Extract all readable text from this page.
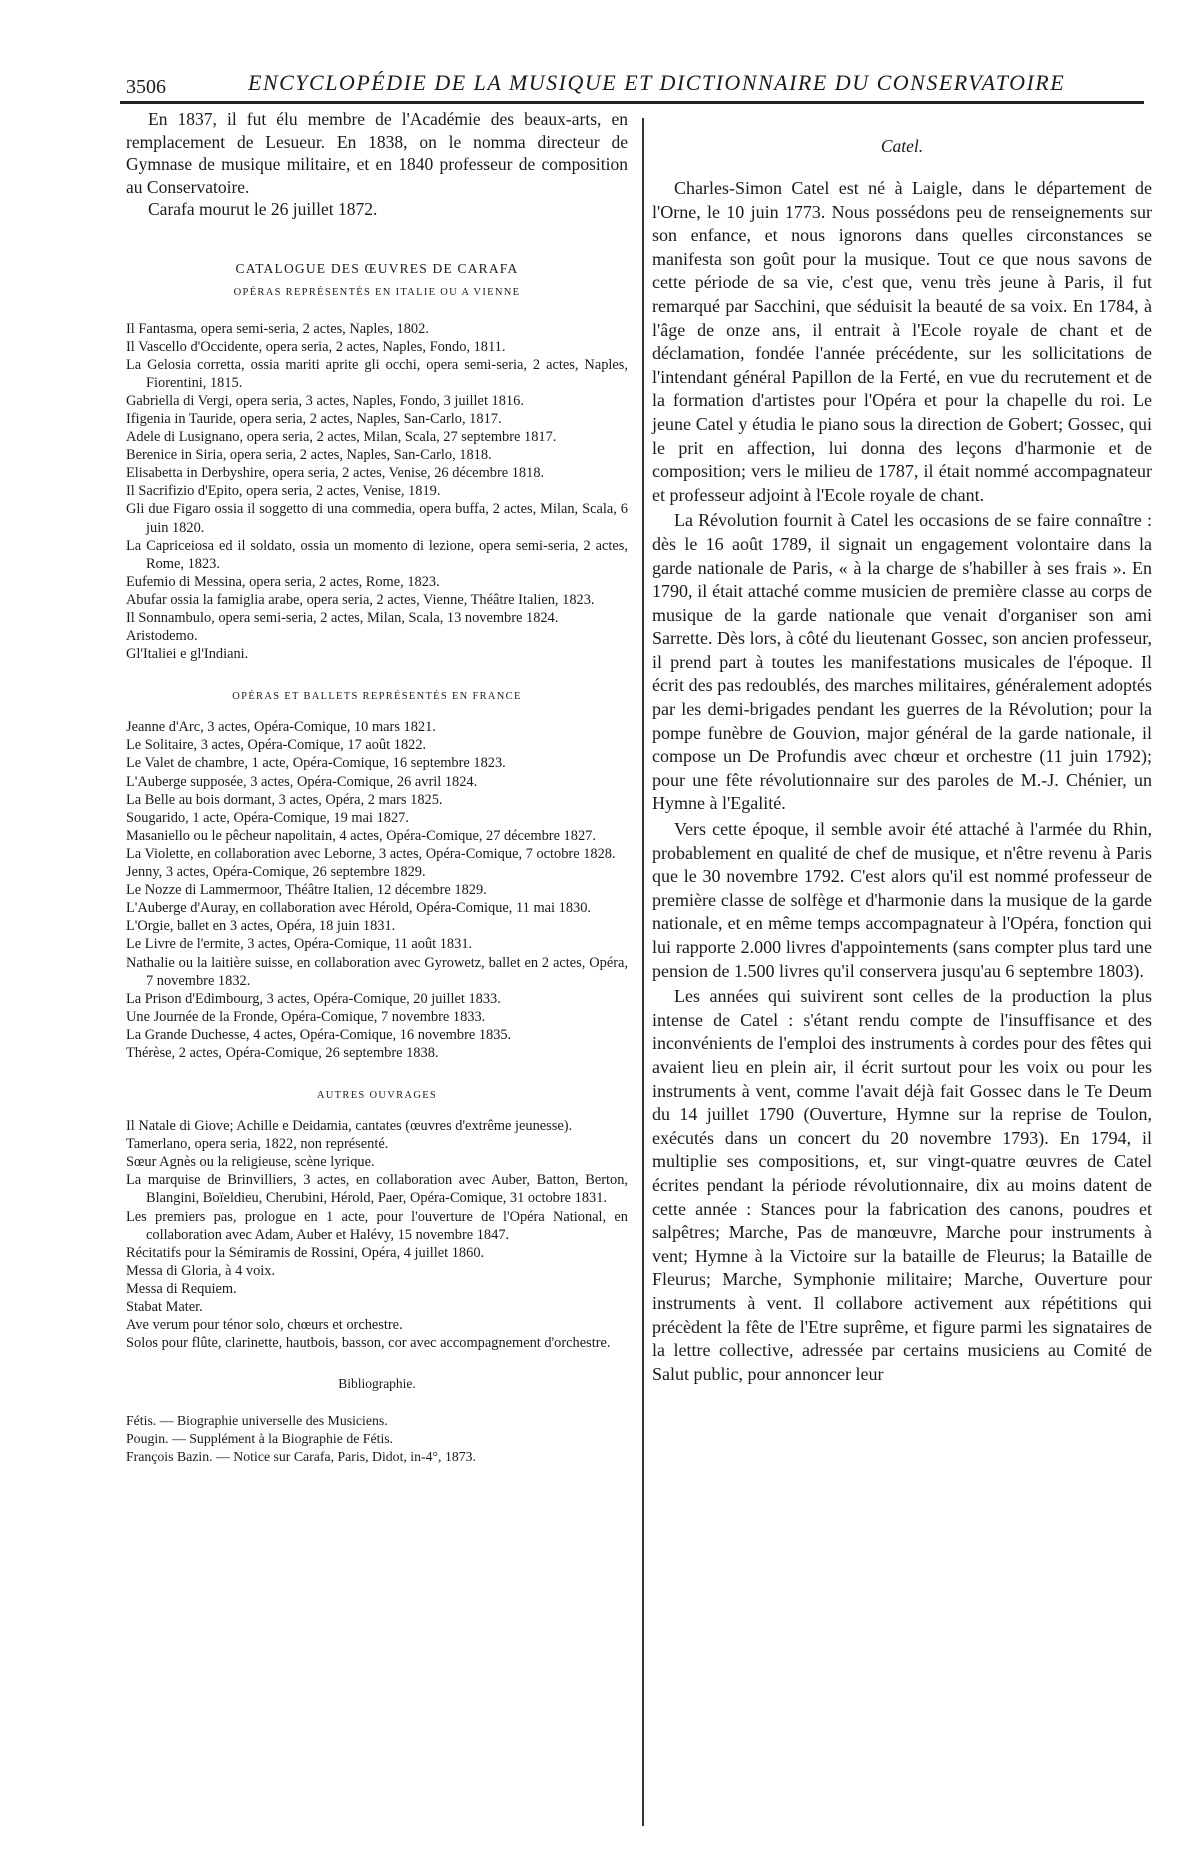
3506	ENCYCLOPÉDIE DE LA MUSIQUE ET DICTIONNAIRE DU CONSERVATOIRE

En 1837, il fut élu membre de l'Académie des beaux-arts, en remplacement de Lesueur. En 1838, on le nomma directeur de Gymnase de musique militaire, et en 1840 professeur de composition au Conservatoire.

Carafa mourut le 26 juillet 1872.

CATALOGUE DES ŒUVRES DE CARAFA
OPÉRAS REPRÉSENTÉS EN ITALIE OU A VIENNE

Il Fantasma, opera semi-seria, 2 actes, Naples, 1802.

Il Vascello d'Occidente, opera seria, 2 actes, Naples, Fondo, 1811.

La Gelosia corretta, ossia mariti aprite gli occhi, opera semi-seria, 2 actes, Naples, Fiorentini, 1815.

Gabriella di Vergi, opera seria, 3 actes, Naples, Fondo, 3 juillet 1816.

Ifigenia in Tauride, opera seria, 2 actes, Naples, San-Carlo, 1817.

Adele di Lusignano, opera seria, 2 actes, Milan, Scala, 27 septembre 1817.

Berenice in Siria, opera seria, 2 actes, Naples, San-Carlo, 1818.

Elisabetta in Derbyshire, opera seria, 2 actes, Venise, 26 décembre 1818.

Il Sacrifizio d'Epito, opera seria, 2 actes, Venise, 1819.

Gli due Figaro ossia il soggetto di una commedia, opera buffa, 2 actes, Milan, Scala, 6 juin 1820.

La Capriceiosa ed il soldato, ossia un momento di lezione, opera semi-seria, 2 actes, Rome, 1823.

Eufemio di Messina, opera seria, 2 actes, Rome, 1823.

Abufar ossia la famiglia arabe, opera seria, 2 actes, Vienne, Théâtre Italien, 1823.

Il Sonnambulo, opera semi-seria, 2 actes, Milan, Scala, 13 novembre 1824.

Aristodemo.

Gl'Italiei e gl'Indiani.

OPÉRAS ET BALLETS REPRÉSENTÉS EN FRANCE

Jeanne d'Arc, 3 actes, Opéra-Comique, 10 mars 1821.

Le Solitaire, 3 actes, Opéra-Comique, 17 août 1822.

Le Valet de chambre, 1 acte, Opéra-Comique, 16 septembre 1823.

L'Auberge supposée, 3 actes, Opéra-Comique, 26 avril 1824.

La Belle au bois dormant, 3 actes, Opéra, 2 mars 1825.

Sougarido, 1 acte, Opéra-Comique, 19 mai 1827.

Masaniello ou le pêcheur napolitain, 4 actes, Opéra-Comique, 27 décembre 1827.

La Violette, en collaboration avec Leborne, 3 actes, Opéra-Comique, 7 octobre 1828.

Jenny, 3 actes, Opéra-Comique, 26 septembre 1829.

Le Nozze di Lammermoor, Théâtre Italien, 12 décembre 1829.

L'Auberge d'Auray, en collaboration avec Hérold, Opéra-Comique, 11 mai 1830.

L'Orgie, ballet en 3 actes, Opéra, 18 juin 1831.

Le Livre de l'ermite, 3 actes, Opéra-Comique, 11 août 1831.

Nathalie ou la laitière suisse, en collaboration avec Gyrowetz, ballet en 2 actes, Opéra, 7 novembre 1832.

La Prison d'Edimbourg, 3 actes, Opéra-Comique, 20 juillet 1833.

Une Journée de la Fronde, Opéra-Comique, 7 novembre 1833.

La Grande Duchesse, 4 actes, Opéra-Comique, 16 novembre 1835.

Thérèse, 2 actes, Opéra-Comique, 26 septembre 1838.

AUTRES OUVRAGES

Il Natale di Giove; Achille e Deidamia, cantates (œuvres d'extrême jeunesse).

Tamerlano, opera seria, 1822, non représenté.

Sœur Agnès ou la religieuse, scène lyrique.

La marquise de Brinvilliers, 3 actes, en collaboration avec Auber, Batton, Berton, Blangini, Boïeldieu, Cherubini, Hérold, Paer, Opéra-Comique, 31 octobre 1831.

Les premiers pas, prologue en 1 acte, pour l'ouverture de l'Opéra National, en collaboration avec Adam, Auber et Halévy, 15 novembre 1847.

Récitatifs pour la Sémiramis de Rossini, Opéra, 4 juillet 1860.

Messa di Gloria, à 4 voix.

Messa di Requiem.

Stabat Mater.

Ave verum pour ténor solo, chœurs et orchestre.

Solos pour flûte, clarinette, hautbois, basson, cor avec accompagnement d'orchestre.

Bibliographie.

Fétis. — Biographie universelle des Musiciens.

Pougin. — Supplément à la Biographie de Fétis.

François Bazin. — Notice sur Carafa, Paris, Didot, in-4°, 1873.

Catel.

Charles-Simon Catel est né à Laigle, dans le département de l'Orne, le 10 juin 1773. Nous possédons peu de renseignements sur son enfance, et nous ignorons dans quelles circonstances se manifesta son goût pour la musique. Tout ce que nous savons de cette période de sa vie, c'est que, venu très jeune à Paris, il fut remarqué par Sacchini, que séduisit la beauté de sa voix. En 1784, à l'âge de onze ans, il entrait à l'Ecole royale de chant et de déclamation, fondée l'année précédente, sur les sollicitations de l'intendant général Papillon de la Ferté, en vue du recrutement et de la formation d'artistes pour l'Opéra et pour la chapelle du roi. Le jeune Catel y étudia le piano sous la direction de Gobert; Gossec, qui le prit en affection, lui donna des leçons d'harmonie et de composition; vers le milieu de 1787, il était nommé accompagnateur et professeur adjoint à l'Ecole royale de chant.

La Révolution fournit à Catel les occasions de se faire connaître : dès le 16 août 1789, il signait un engagement volontaire dans la garde nationale de Paris, « à la charge de s'habiller à ses frais ». En 1790, il était attaché comme musicien de première classe au corps de musique de la garde nationale que venait d'organiser son ami Sarrette. Dès lors, à côté du lieutenant Gossec, son ancien professeur, il prend part à toutes les manifestations musicales de l'époque. Il écrit des pas redoublés, des marches militaires, généralement adoptés par les demi-brigades pendant les guerres de la Révolution; pour la pompe funèbre de Gouvion, major général de la garde nationale, il compose un De Profundis avec chœur et orchestre (11 juin 1792); pour une fête révolutionnaire sur des paroles de M.-J. Chénier, un Hymne à l'Egalité.

Vers cette époque, il semble avoir été attaché à l'armée du Rhin, probablement en qualité de chef de musique, et n'être revenu à Paris que le 30 novembre 1792. C'est alors qu'il est nommé professeur de première classe de solfège et d'harmonie dans la musique de la garde nationale, et en même temps accompagnateur à l'Opéra, fonction qui lui rapporte 2.000 livres d'appointements (sans compter plus tard une pension de 1.500 livres qu'il conservera jusqu'au 6 septembre 1803).

Les années qui suivirent sont celles de la production la plus intense de Catel : s'étant rendu compte de l'insuffisance et des inconvénients de l'emploi des instruments à cordes pour des fêtes qui avaient lieu en plein air, il écrit surtout pour les voix ou pour les instruments à vent, comme l'avait déjà fait Gossec dans le Te Deum du 14 juillet 1790 (Ouverture, Hymne sur la reprise de Toulon, exécutés dans un concert du 20 novembre 1793). En 1794, il multiplie ses compositions, et, sur vingt-quatre œuvres de Catel écrites pendant la période révolutionnaire, dix au moins datent de cette année : Stances pour la fabrication des canons, poudres et salpêtres; Marche, Pas de manœuvre, Marche pour instruments à vent; Hymne à la Victoire sur la bataille de Fleurus; la Bataille de Fleurus; Marche, Symphonie militaire; Marche, Ouverture pour instruments à vent. Il collabore activement aux répétitions qui précèdent la fête de l'Etre suprême, et figure parmi les signataires de la lettre collective, adressée par certains musiciens au Comité de Salut public, pour annoncer leur
